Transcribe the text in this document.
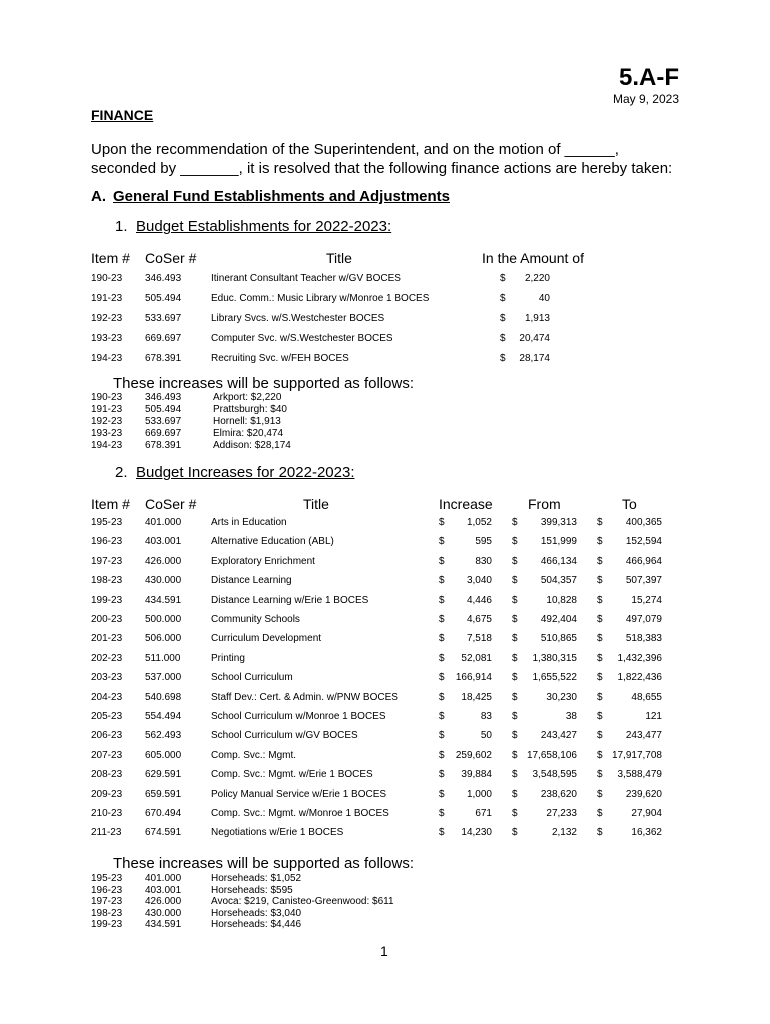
5.A-F
May 9, 2023
FINANCE
Upon the recommendation of the Superintendent, and on the motion of ______,
seconded by _______, it is resolved that the following finance actions are hereby taken:
A. General Fund Establishments and Adjustments
1. Budget Establishments for 2022-2023:
Item # CoSer #	Title	In the Amount of
190-23 346.493	Itinerant Consultant Teacher w/GV BOCES	$ 2,220
191-23 505.494	Educ. Comm.: Music Library w/Monroe 1 BOCES	$	40
192-23 533.697	Library Svcs. w/S.Westchester BOCES	$ 1,913
193-23 669.697	Computer Svc. w/S.Westchester BOCES	$ 20,474
194-23 678.391	Recruiting Svc. w/FEH BOCES	$ 28,174
These increases will be supported as follows:
190-23 346.493	Arkport: $2,220
191-23 505.494	Prattsburgh: $40
192-23 533.697	Hornell: $1,913
193-23 669.697	Elmira: $20,474
194-23 678.391	Addison: $28,174
2. Budget Increases for 2022-2023:
Item # CoSer #	Title	Increase	From	To
195-23 401.000	Arts in Education	$ 1,052 $ 399,313 $ 400,365
196-23 403.001	Alternative Education (ABL)	$	595 $ 151,999 $ 152,594
197-23 426.000	Exploratory Enrichment	$	830 $ 466,134 $ 466,964
198-23 430.000	Distance Learning	$ 3,040 $ 504,357 $ 507,397
199-23 434.591	Distance Learning w/Erie 1 BOCES	$ 4,446 $	10,828 $	15,274
200-23 500.000	Community Schools	$ 4,675 $ 492,404 $ 497,079
201-23 506.000	Curriculum Development	$ 7,518 $ 510,865 $ 518,383
202-23 511.000	Printing	$ 52,081 $ 1,380,315 $ 1,432,396
203-23 537.000	School Curriculum	$ 166,914 $ 1,655,522 $ 1,822,436
204-23 540.698	Staff Dev.: Cert. & Admin. w/PNW BOCES	$ 18,425 $	30,230 $	48,655
205-23 554.494	School Curriculum w/Monroe 1 BOCES	$	83 $	38 $	121
206-23 562.493	School Curriculum w/GV BOCES	$	50 $ 243,427 $ 243,477
207-23 605.000	Comp. Svc.: Mgmt.	$ 259,602 $ 17,658,106 $ 17,917,708
208-23 629.591	Comp. Svc.: Mgmt. w/Erie 1 BOCES	$ 39,884 $ 3,548,595 $ 3,588,479
209-23 659.591	Policy Manual Service w/Erie 1 BOCES	$ 1,000 $ 238,620 $ 239,620
210-23 670.494	Comp. Svc.: Mgmt. w/Monroe 1 BOCES	$	671 $	27,233 $	27,904
211-23 674.591	Negotiations w/Erie 1 BOCES	$ 14,230 $	2,132 $	16,362
These increases will be supported as follows:
195-23 401.000	Horseheads: $1,052
196-23 403.001	Horseheads: $595
197-23 426.000	Avoca: $219, Canisteo-Greenwood: $611
198-23 430.000	Horseheads: $3,040
199-23 434.591	Horseheads: $4,446
1
